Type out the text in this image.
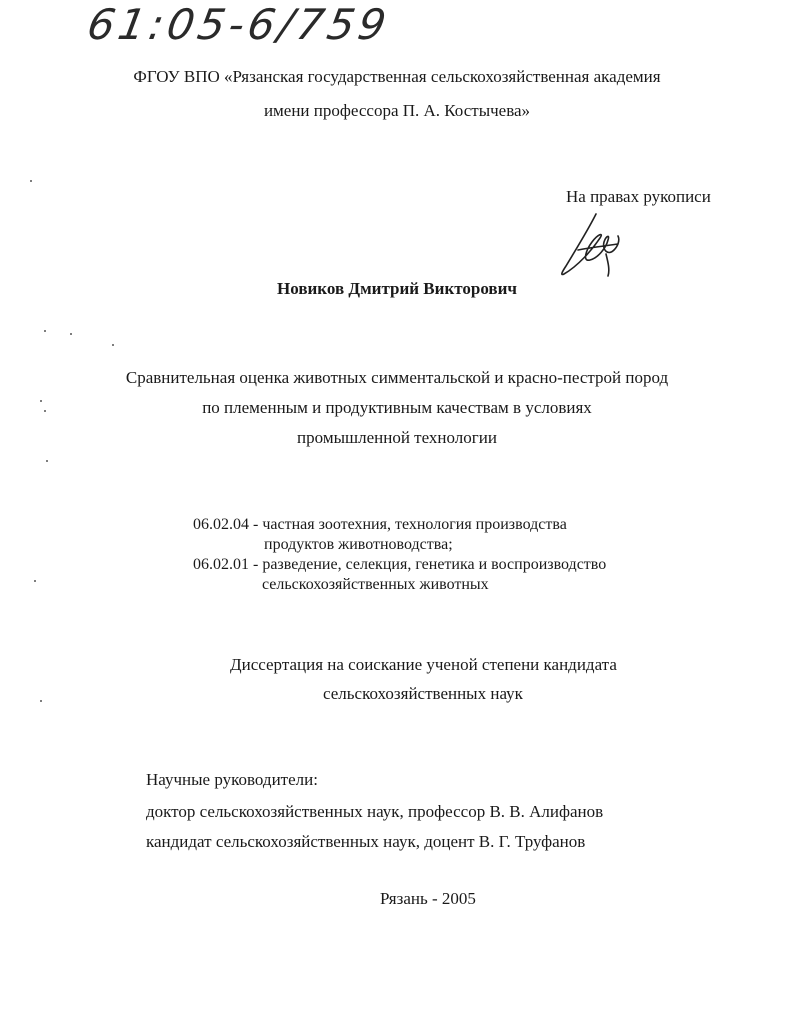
61:05-6/759
ФГОУ ВПО «Рязанская государственная сельскохозяйственная академия
имени профессора П. А. Костычева»
На правах рукописи
Новиков Дмитрий Викторович
Сравнительная оценка животных симментальской и красно-пестрой пород
по племенным и продуктивным качествам в условиях
промышленной технологии
06.02.04 - частная зоотехния, технология производства
продуктов животноводства;
06.02.01 - разведение, селекция, генетика и воспроизводство
сельскохозяйственных животных
Диссертация на соискание ученой степени кандидата
сельскохозяйственных наук
Научные руководители:
доктор сельскохозяйственных наук, профессор В. В. Алифанов
кандидат сельскохозяйственных наук, доцент В. Г. Труфанов
Рязань - 2005
